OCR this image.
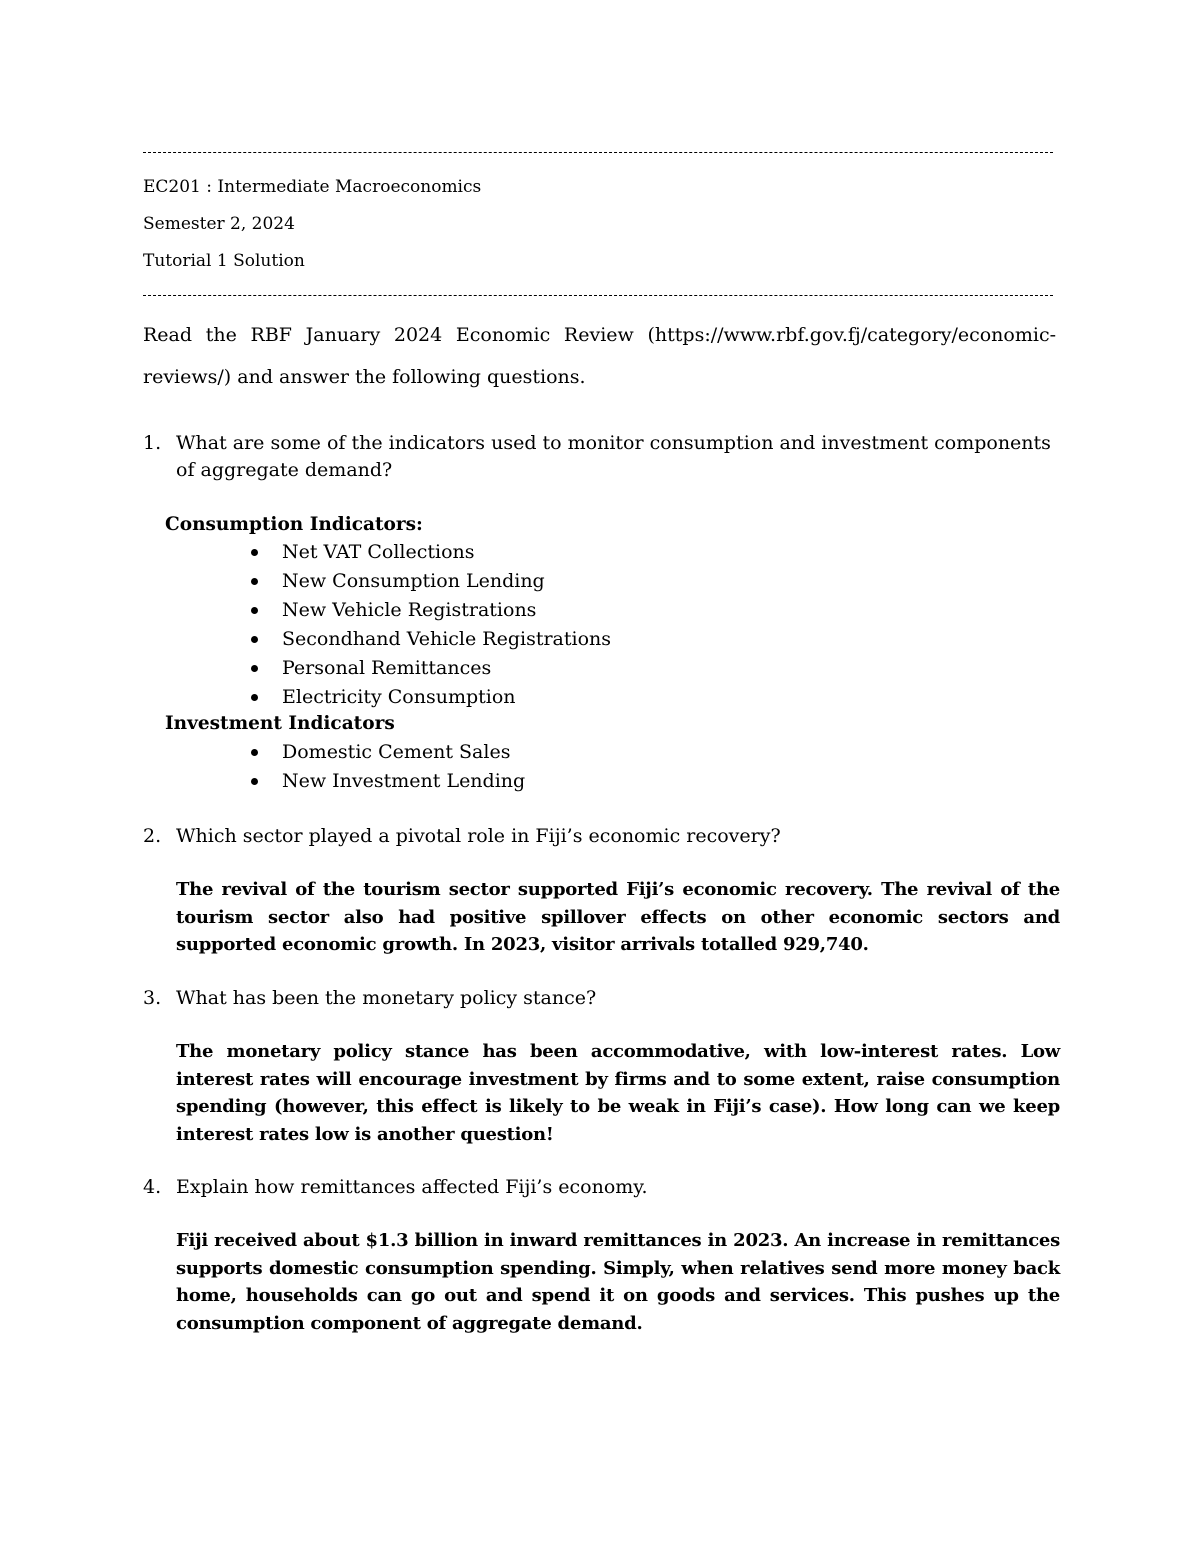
EC201 : Intermediate Macroeconomics
Semester 2, 2024
Tutorial 1 Solution
Read the RBF January 2024 Economic Review (https://www.rbf.gov.fj/category/economic-reviews/) and answer the following questions.
1. What are some of the indicators used to monitor consumption and investment components of aggregate demand?
Consumption Indicators:
Net VAT Collections
New Consumption Lending
New Vehicle Registrations
Secondhand Vehicle Registrations
Personal Remittances
Electricity Consumption
Investment Indicators
Domestic Cement Sales
New Investment Lending
2. Which sector played a pivotal role in Fiji’s economic recovery?
The revival of the tourism sector supported Fiji’s economic recovery. The revival of the tourism sector also had positive spillover effects on other economic sectors and supported economic growth. In 2023, visitor arrivals totalled 929,740.
3. What has been the monetary policy stance?
The monetary policy stance has been accommodative, with low-interest rates. Low interest rates will encourage investment by firms and to some extent, raise consumption spending (however, this effect is likely to be weak in Fiji’s case). How long can we keep interest rates low is another question!
4. Explain how remittances affected Fiji’s economy.
Fiji received about $1.3 billion in inward remittances in 2023. An increase in remittances supports domestic consumption spending. Simply, when relatives send more money back home, households can go out and spend it on goods and services. This pushes up the consumption component of aggregate demand.
